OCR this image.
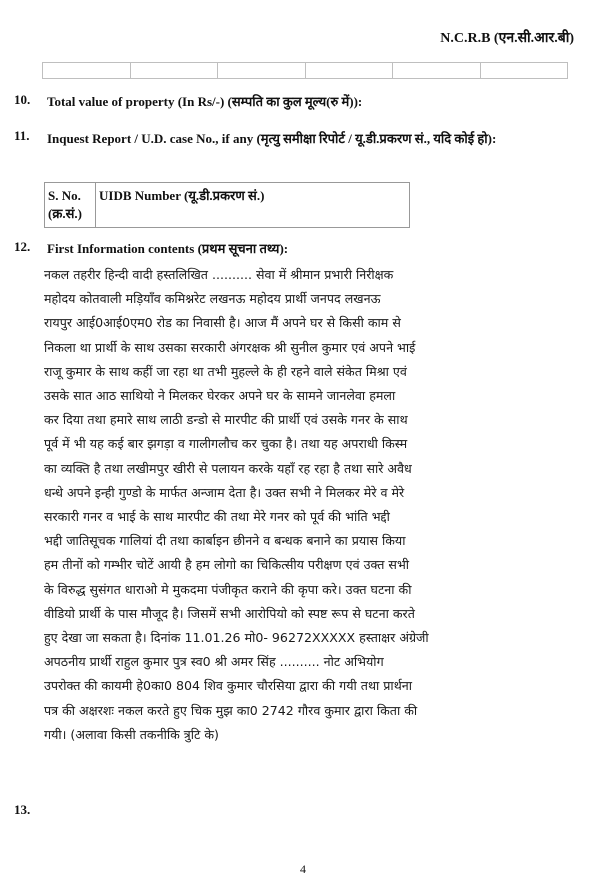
N.C.R.B (एन.सी.आर.बी)

10. Total value of property (In Rs/-) (सम्पति का कुल मूल्य(रु में)):
11. Inquest Report / U.D. case No., if any (मृत्यु समीक्षा रिपोर्ट / यू.डी.प्रकरण सं., यदि कोई हो):
S. No.
(क्र.सं.)
	UIDB Number (यू.डी.प्रकरण सं.)
12. First Information contents (प्रथम सूचना तथ्य):
नकल तहरीर हिन्दी वादी हस्तलिखित .......... सेवा में श्रीमान प्रभारी निरीक्षक
महोदय कोतवाली मड़ियाँव कमिश्नरेट लखनऊ महोदय प्रार्थी जनपद लखनऊ
रायपुर आई0आई0एम0 रोड का निवासी है। आज मैं अपने घर से किसी काम से
निकला था प्रार्थी के साथ उसका सरकारी अंगरक्षक श्री सुनील कुमार एवं अपने भाई
राजू कुमार के साथ कहीं जा रहा था तभी मुहल्ले के ही रहने वाले संकेत मिश्रा एवं
उसके सात आठ साथियो ने मिलकर घेरकर अपने घर के सामने जानलेवा हमला
कर दिया तथा हमारे साथ लाठी डन्डो से मारपीट की प्रार्थी एवं उसके गनर के साथ
पूर्व में भी यह कई बार झगड़ा व गालीगलौच कर चुका है। तथा यह अपराधी किस्म
का व्यक्ति है तथा लखीमपुर खीरी से पलायन करके यहाँ रह रहा है तथा सारे अवैध
धन्धे अपने इन्ही गुण्डो के मार्फत अन्जाम देता है। उक्त सभी ने मिलकर मेरे व मेरे
सरकारी गनर व भाई के साथ मारपीट की तथा मेरे गनर को पूर्व की भांति भद्दी
भद्दी जातिसूचक गालियां दी तथा कार्बाइन छीनने व बन्धक बनाने का प्रयास किया
हम तीनों को गम्भीर चोटें आयी है हम लोगो का चिकित्सीय परीक्षण एवं उक्त सभी
के विरुद्ध सुसंगत धाराओ मे मुकदमा पंजीकृत कराने की कृपा करे। उक्त घटना की
वीडियो प्रार्थी के पास मौजूद है। जिसमें सभी आरोपियो को स्पष्ट रूप से घटना करते
हुए देखा जा सकता है। दिनांक 11.01.26 मो0- 96272XXXXX हस्ताक्षर अंग्रेजी
अपठनीय प्रार्थी राहुल कुमार पुत्र स्व0 श्री अमर सिंह .......... नोट अभियोग
उपरोक्त की कायमी हे0का0 804 शिव कुमार चौरसिया द्वारा की गयी तथा प्रार्थना
पत्र की अक्षरशः नकल करते हुए चिक मुझ का0 2742 गौरव कुमार द्वारा किता की
गयी। (अलावा किसी तकनीकि त्रुटि के)
13.
4
